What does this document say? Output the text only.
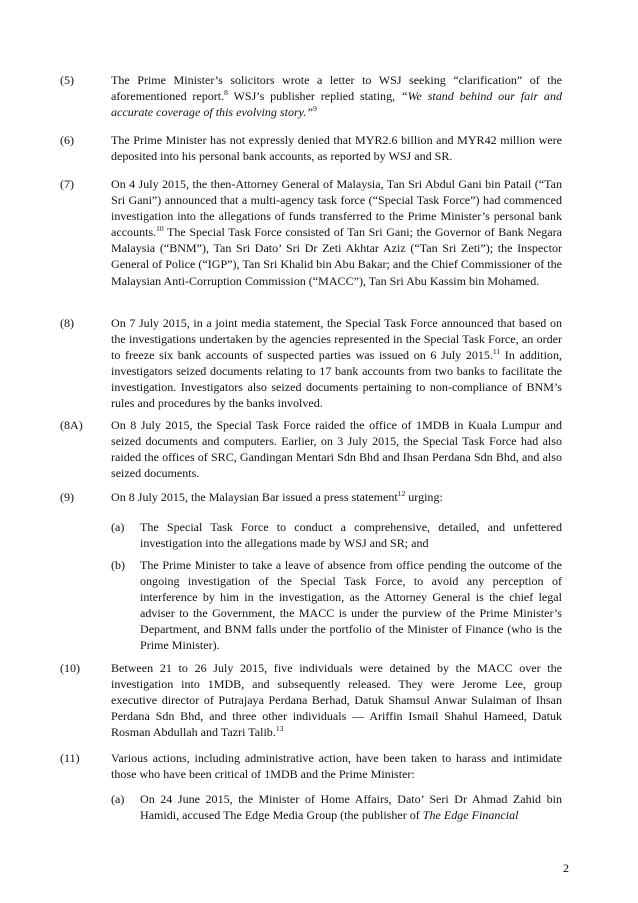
(5)	The Prime Minister’s solicitors wrote a letter to WSJ seeking “clarification” of the aforementioned report.$^8$ WSJ’s publisher replied stating, “We stand behind our fair and accurate coverage of this evolving story.”$^9$
(6)	The Prime Minister has not expressly denied that MYR2.6 billion and MYR42 million were deposited into his personal bank accounts, as reported by WSJ and SR.
(7)	On 4 July 2015, the then-Attorney General of Malaysia, Tan Sri Abdul Gani bin Patail (“Tan Sri Gani”) announced that a multi-agency task force (“Special Task Force”) had commenced investigation into the allegations of funds transferred to the Prime Minister’s personal bank accounts.$^{10}$ The Special Task Force consisted of Tan Sri Gani; the Governor of Bank Negara Malaysia (“BNM”), Tan Sri Dato’ Sri Dr Zeti Akhtar Aziz (“Tan Sri Zeti”); the Inspector General of Police (“IGP”), Tan Sri Khalid bin Abu Bakar; and the Chief Commissioner of the Malaysian Anti-Corruption Commission (“MACC”), Tan Sri Abu Kassim bin Mohamed.
(8)	On 7 July 2015, in a joint media statement, the Special Task Force announced that based on the investigations undertaken by the agencies represented in the Special Task Force, an order to freeze six bank accounts of suspected parties was issued on 6 July 2015.11 In addition, investigators seized documents relating to 17 bank accounts from two banks to facilitate the investigation. Investigators also seized documents pertaining to non-compliance of BNM’s rules and procedures by the banks involved.
(8A)	On 8 July 2015, the Special Task Force raided the office of 1MDB in Kuala Lumpur and seized documents and computers. Earlier, on 3 July 2015, the Special Task Force had also raided the offices of SRC, Gandingan Mentari Sdn Bhd and Ihsan Perdana Sdn Bhd, and also seized documents.
(9)	On 8 July 2015, the Malaysian Bar issued a press statement$^{12}$ urging:
(a) The Special Task Force to conduct a comprehensive, detailed, and unfettered investigation into the allegations made by WSJ and SR; and
(b) The Prime Minister to take a leave of absence from office pending the outcome of the ongoing investigation of the Special Task Force, to avoid any perception of interference by him in the investigation, as the Attorney General is the chief legal adviser to the Government, the MACC is under the purview of the Prime Minister’s Department, and BNM falls under the portfolio of the Minister of Finance (who is the Prime Minister).
(10)	Between 21 to 26 July 2015, five individuals were detained by the MACC over the investigation into 1MDB, and subsequently released. They were Jerome Lee, group executive director of Putrajaya Perdana Berhad, Datuk Shamsul Anwar Sulaiman of Ihsan Perdana Sdn Bhd, and three other individuals — Ariffin Ismail Shahul Hameed, Datuk Rosman Abdullah and Tazri Talib.$^{13}$
(11)	Various actions, including administrative action, have been taken to harass and intimidate those who have been critical of 1MDB and the Prime Minister:
(a) On 24 June 2015, the Minister of Home Affairs, Dato’ Seri Dr Ahmad Zahid bin Hamidi, accused The Edge Media Group (the publisher of The Edge Financial
2
